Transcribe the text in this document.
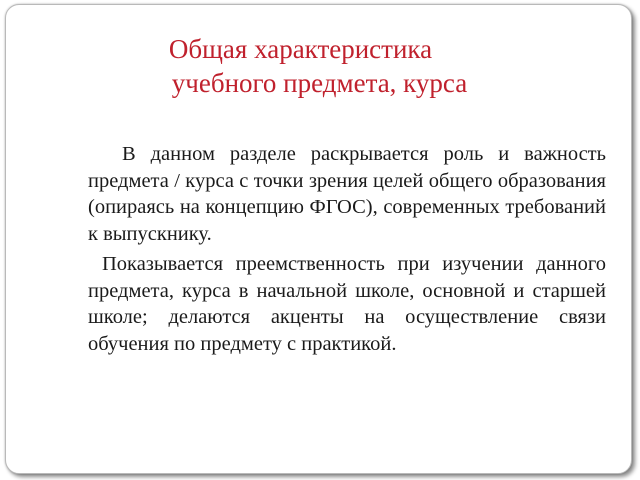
Общая характеристика
учебного предмета, курса

В данном разделе раскрывается роль и важность предмета / курса с точки зрения целей общего образования (опираясь на концепцию ФГОС), современных требований к выпускнику.

Показывается преемственность при изучении данного предмета, курса в начальной школе, основной и старшей школе; делаются акценты на осуществление связи обучения по предмету с практикой.
